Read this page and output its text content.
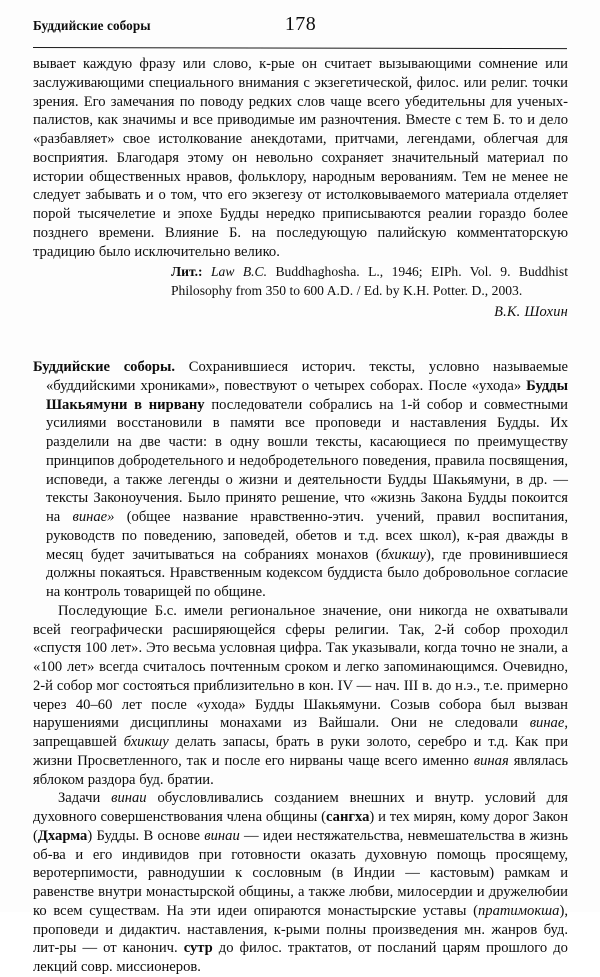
Буддийские соборы	178

вывает каждую фразу или слово, к-рые он считает вызывающими сомнение или заслуживающими специального внимания с экзегетической, филос. или религ. точки зрения. Его замечания по поводу редких слов чаще всего убедительны для ученых-палистов, как значимы и все приводимые им разночтения. Вместе с тем Б. то и дело «разбавляет» свое истолкование анекдотами, притчами, легендами, облегчая для восприятия. Благодаря этому он невольно сохраняет значительный материал по истории общественных нравов, фольклору, народным верованиям. Тем не менее не следует забывать и о том, что его экзегезу от истолковываемого материала отделяет порой тысячелетие и эпохе Будды нередко приписываются реалии гораздо более позднего времени. Влияние Б. на последующую палийскую комментаторскую традицию было исключительно велико.

Лит.: Law B.C. Buddhaghosha. L., 1946; EIPh. Vol. 9. Buddhist Philosophy from 350 to 600 A.D. / Ed. by K.H. Potter. D., 2003.

В.К. Шохин

Буддийские соборы. Сохранившиеся историч. тексты, условно называемые «буддийскими хрониками», повествуют о четырех соборах. После «ухода» Будды Шакьямуни в нирвану последователи собрались на 1-й собор и совместными усилиями восстановили в памяти все проповеди и наставления Будды. Их разделили на две части: в одну вошли тексты, касающиеся по преимуществу принципов добродетельного и недобродетельного поведения, правила посвящения, исповеди, а также легенды о жизни и деятельности Будды Шакьямуни, в др. — тексты Законоучения. Было принято решение, что «жизнь Закона Будды покоится на винае» (общее название нравственно-этич. учений, правил воспитания, руководств по поведению, заповедей, обетов и т.д. всех школ), к-рая дважды в месяц будет зачитываться на собраниях монахов (бхикшу), где провинившиеся должны покаяться. Нравственным кодексом буддиста было добровольное согласие на контроль товарищей по общине.

Последующие Б.с. имели региональное значение, они никогда не охватывали всей географически расширяющейся сферы религии. Так, 2-й собор проходил «спустя 100 лет». Это весьма условная цифра. Так указывали, когда точно не знали, а «100 лет» всегда считалось почтенным сроком и легко запоминающимся. Очевидно, 2-й собор мог состояться приблизительно в кон. IV — нач. III в. до н.э., т.е. примерно через 40–60 лет после «ухода» Будды Шакьямуни. Созыв собора был вызван нарушениями дисциплины монахами из Вайшали. Они не следовали винае, запрещавшей бхикшу делать запасы, брать в руки золото, серебро и т.д. Как при жизни Просветленного, так и после его нирваны чаще всего именно виная являлась яблоком раздора буд. братии.

Задачи винаи обусловливались созданием внешних и внутр. условий для духовного совершенствования члена общины (сангха) и тех мирян, кому дорог Закон (Дхарма) Будды. В основе винаи — идеи нестяжательства, невмешательства в жизнь об-ва и его индивидов при готовности оказать духовную помощь просящему, веротерпимости, равнодушии к сословным (в Индии — кастовым) рамкам и равенстве внутри монастырской общины, а также любви, милосердии и дружелюбии ко всем существам. На эти идеи опираются монастырские уставы (пратимокша), проповеди и дидактич. наставления, к-рыми полны произведения мн. жанров буд. лит-ры — от канонич. сутр до филос. трактатов, от посланий царям прошлого до лекций совр. миссионеров.
